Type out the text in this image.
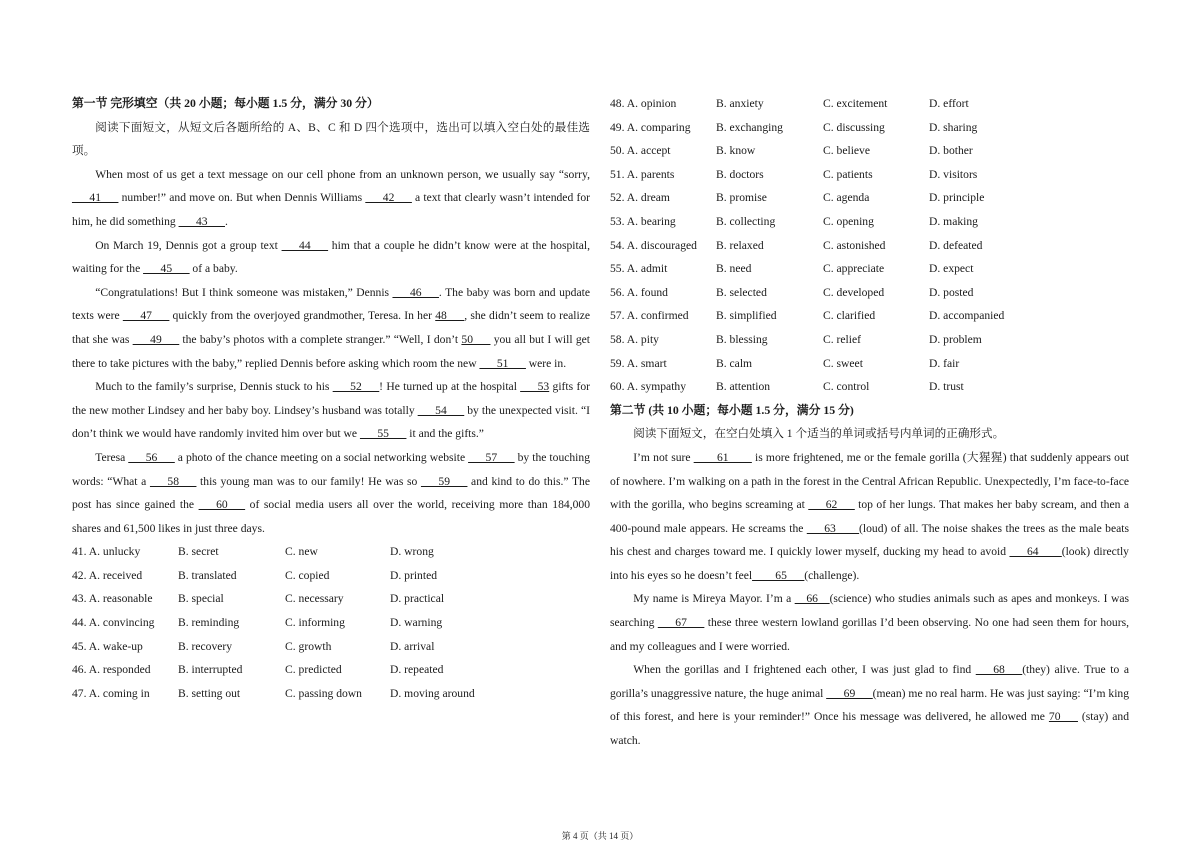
第一节 完形填空（共 20 小题；每小题 1.5 分，满分 30 分）

阅读下面短文，从短文后各题所给的 A、B、C 和 D 四个选项中，选出可以填入空白处的最佳选项。

When most of us get a text message on our cell phone from an unknown person, we usually say “sorry, ___41___ number!” and move on. But when Dennis Williams ___42___ a text that clearly wasn’t intended for him, he did something ___43___.

On March 19, Dennis got a group text ___44___ him that a couple he didn’t know were at the hospital, waiting for the ___45___ of a baby.

“Congratulations! But I think someone was mistaken,” Dennis ___46___. The baby was born and update texts were ___47___ quickly from the overjoyed grandmother, Teresa. In her 48___, she didn’t seem to realize that she was ___49___ the baby’s photos with a complete stranger.” “Well, I don’t 50___ you all but I will get there to take pictures with the baby,” replied Dennis before asking which room the new ___51___ were in.

Much to the family’s surprise, Dennis stuck to his ___52___! He turned up at the hospital ___53 gifts for the new mother Lindsey and her baby boy. Lindsey’s husband was totally ___54___ by the unexpected visit. “I don’t think we would have randomly invited him over but we ___55___ it and the gifts.”

Teresa ___56___ a photo of the chance meeting on a social networking website ___57___ by the touching words: “What a ___58___ this young man was to our family! He was so ___59___ and kind to do this.” The post has since gained the ___60___ of social media users all over the world, receiving more than 184,000 shares and 61,500 likes in just three days.

41. A. unlucky	B. secret	C. new	D. wrong
42. A. received	B. translated	C. copied	D. printed
43. A. reasonable	B. special	C. necessary	D. practical
44. A. convincing	B. reminding	C. informing	D. warning
45. A. wake-up	B. recovery	C. growth	D. arrival
46. A. responded	B. interrupted	C. predicted	D. repeated
47. A. coming in	B. setting out	C. passing down	D. moving around
48. A. opinion	B. anxiety	C. excitement	D. effort
49. A. comparing	B. exchanging	C. discussing	D. sharing
50. A. accept	B. know	C. believe	D. bother
51. A. parents	B. doctors	C. patients	D. visitors
52. A. dream	B. promise	C. agenda	D. principle
53. A. bearing	B. collecting	C. opening	D. making
54. A. discouraged	B. relaxed	C. astonished	D. defeated
55. A. admit	B. need	C. appreciate	D. expect
56. A. found	B. selected	C. developed	D. posted
57. A. confirmed	B. simplified	C. clarified	D. accompanied
58. A. pity	B. blessing	C. relief	D. problem
59. A. smart	B. calm	C. sweet	D. fair
60. A. sympathy	B. attention	C. control	D. trust
第二节 (共 10 小题；每小题 1.5 分，满分 15 分)

阅读下面短文，在空白处填入 1 个适当的单词或括号内单词的正确形式。

I’m not sure ____61____ is more frightened, me or the female gorilla (大猩猩) that suddenly appears out of nowhere. I’m walking on a path in the forest in the Central African Republic. Unexpectedly, I’m face-to-face with the gorilla, who begins screaming at ___62___ top of her lungs. That makes her baby scream, and then a 400-pound male appears. He screams the ___63____(loud) of all. The noise shakes the trees as the male beats his chest and charges toward me. I quickly lower myself, ducking my head to avoid ___64____(look) directly into his eyes so he doesn’t feel____65___(challenge).

My name is Mireya Mayor. I’m a __66__(science) who studies animals such as apes and monkeys. I was searching ___67___ these three western lowland gorillas I’d been observing. No one had seen them for hours, and my colleagues and I were worried.

When the gorillas and I frightened each other, I was just glad to find ___68___(they) alive. True to a gorilla’s unaggressive nature, the huge animal ___69___(mean) me no real harm. He was just saying: “I’m king of this forest, and here is your reminder!” Once his message was delivered, he allowed me 70___ (stay) and watch.

第 4 页（共 14 页）
